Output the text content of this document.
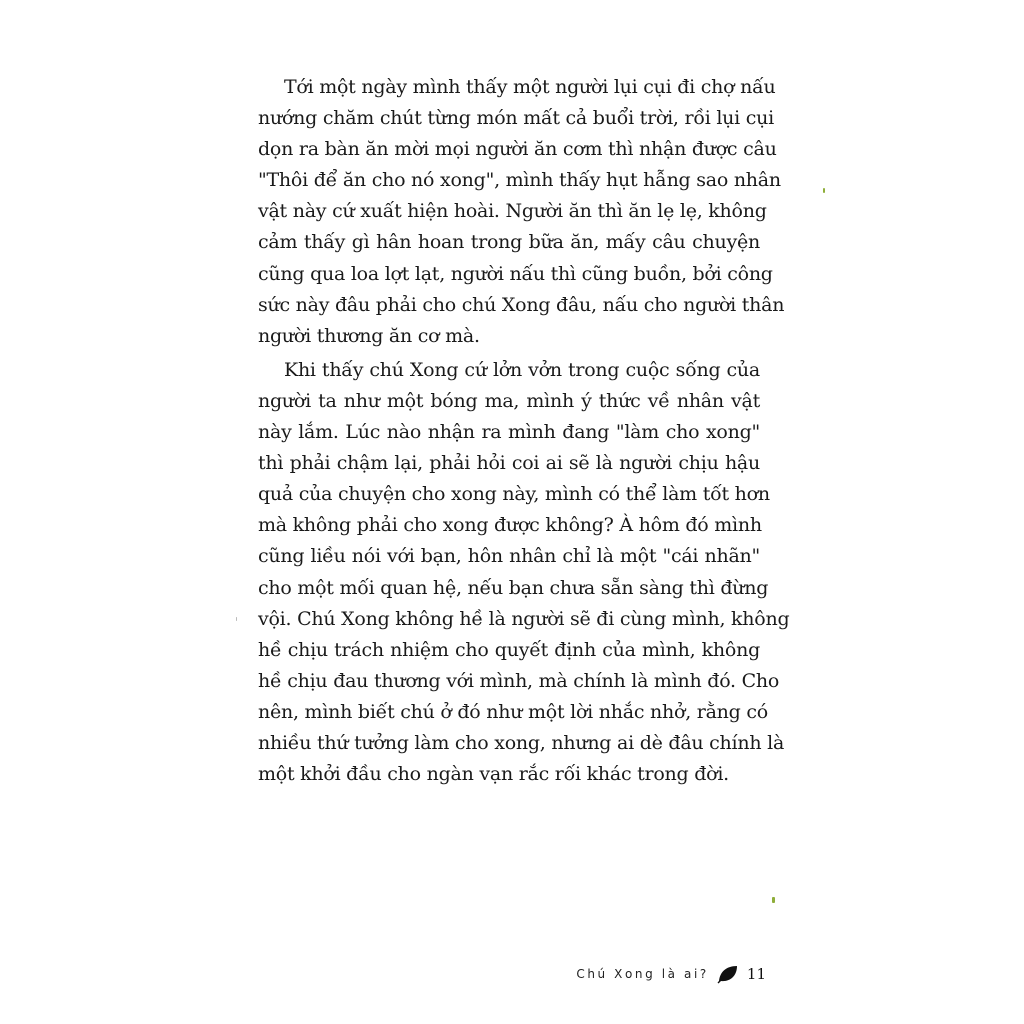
Tới một ngày mình thấy một người lụi cụi đi chợ nấu
nướng chăm chút từng món mất cả buổi trời, rồi lụi cụi
dọn ra bàn ăn mời mọi người ăn cơm thì nhận được câu
"Thôi để ăn cho nó xong", mình thấy hụt hẫng sao nhân
vật này cứ xuất hiện hoài. Người ăn thì ăn lẹ lẹ, không
cảm thấy gì hân hoan trong bữa ăn, mấy câu chuyện
cũng qua loa lợt lạt, người nấu thì cũng buồn, bởi công
sức này đâu phải cho chú Xong đâu, nấu cho người thân
người thương ăn cơ mà.
Khi thấy chú Xong cứ lởn vởn trong cuộc sống của
người ta như một bóng ma, mình ý thức về nhân vật
này lắm. Lúc nào nhận ra mình đang "làm cho xong"
thì phải chậm lại, phải hỏi coi ai sẽ là người chịu hậu
quả của chuyện cho xong này, mình có thể làm tốt hơn
mà không phải cho xong được không? À hôm đó mình
cũng liều nói với bạn, hôn nhân chỉ là một "cái nhãn"
cho một mối quan hệ, nếu bạn chưa sẵn sàng thì đừng
vội. Chú Xong không hề là người sẽ đi cùng mình, không
hề chịu trách nhiệm cho quyết định của mình, không
hề chịu đau thương với mình, mà chính là mình đó. Cho
nên, mình biết chú ở đó như một lời nhắc nhở, rằng có
nhiều thứ tưởng làm cho xong, nhưng ai dè đâu chính là
một khởi đầu cho ngàn vạn rắc rối khác trong đời.
Chú Xong là ai?	11
